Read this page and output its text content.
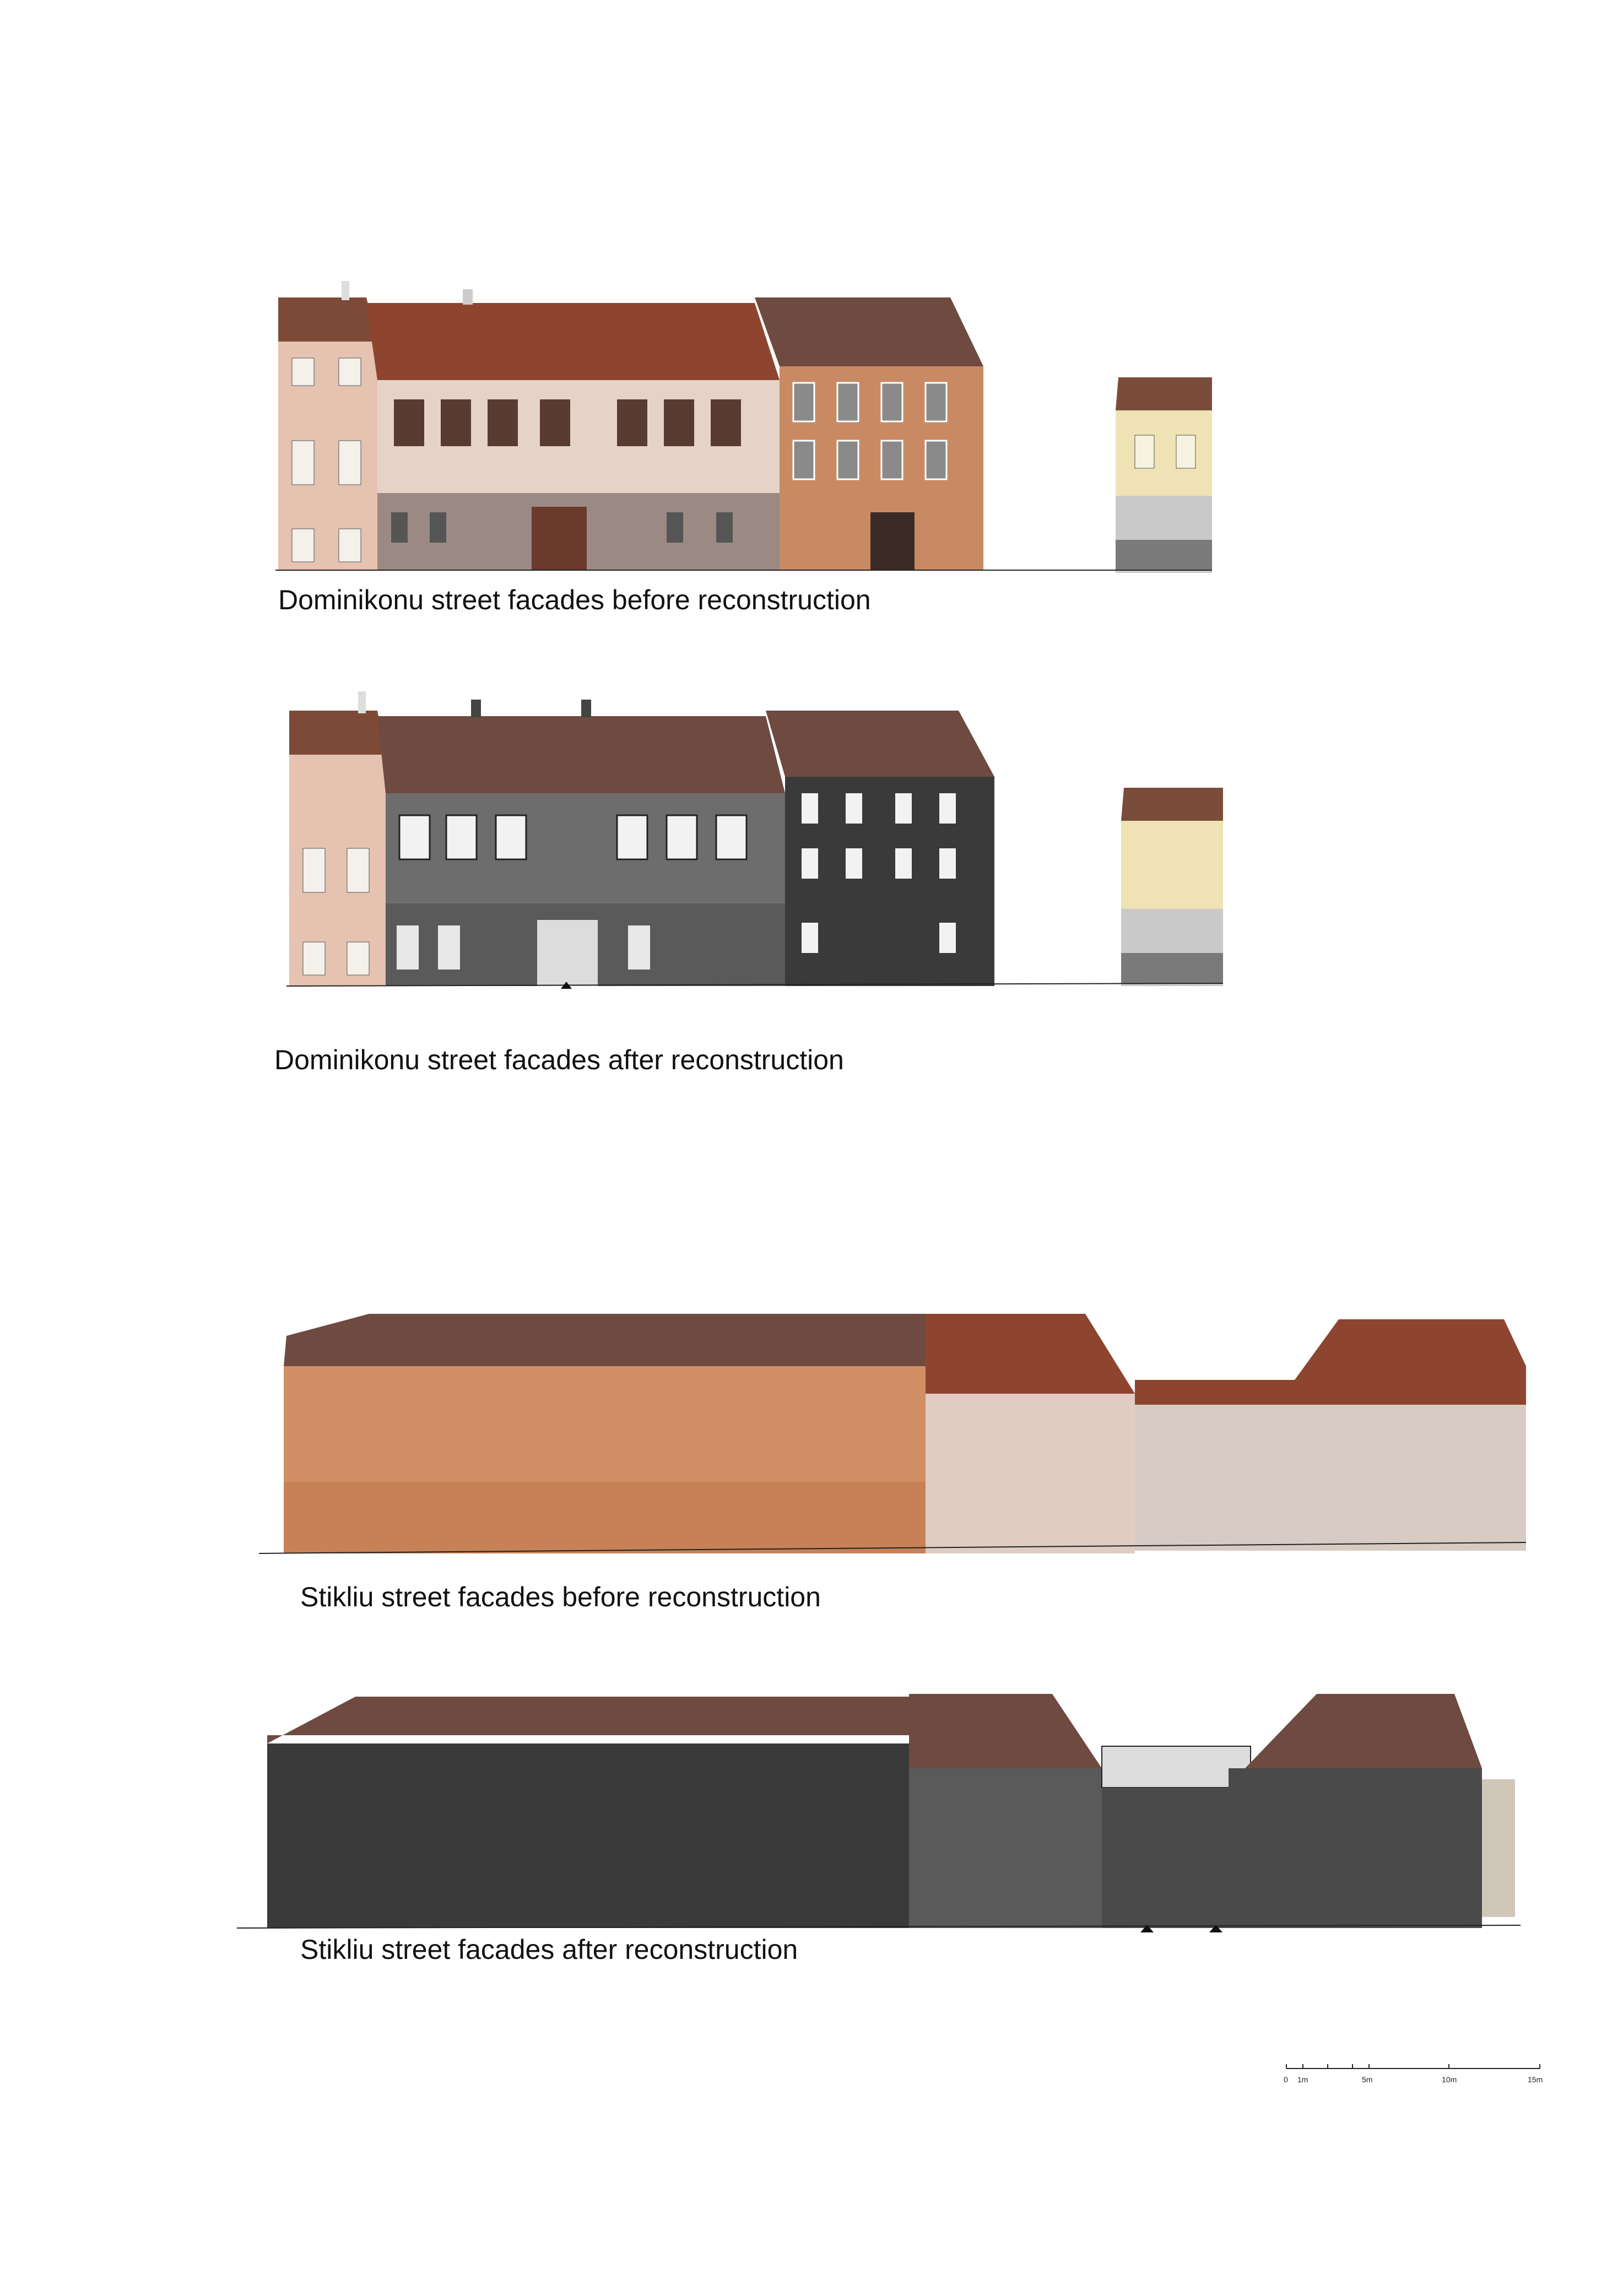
Dominikonu street facades before reconstruction
Dominikonu street facades after reconstruction
Stikliu street facades before reconstruction
Stikliu street facades after reconstruction
0 1m	5m	10m	15m
